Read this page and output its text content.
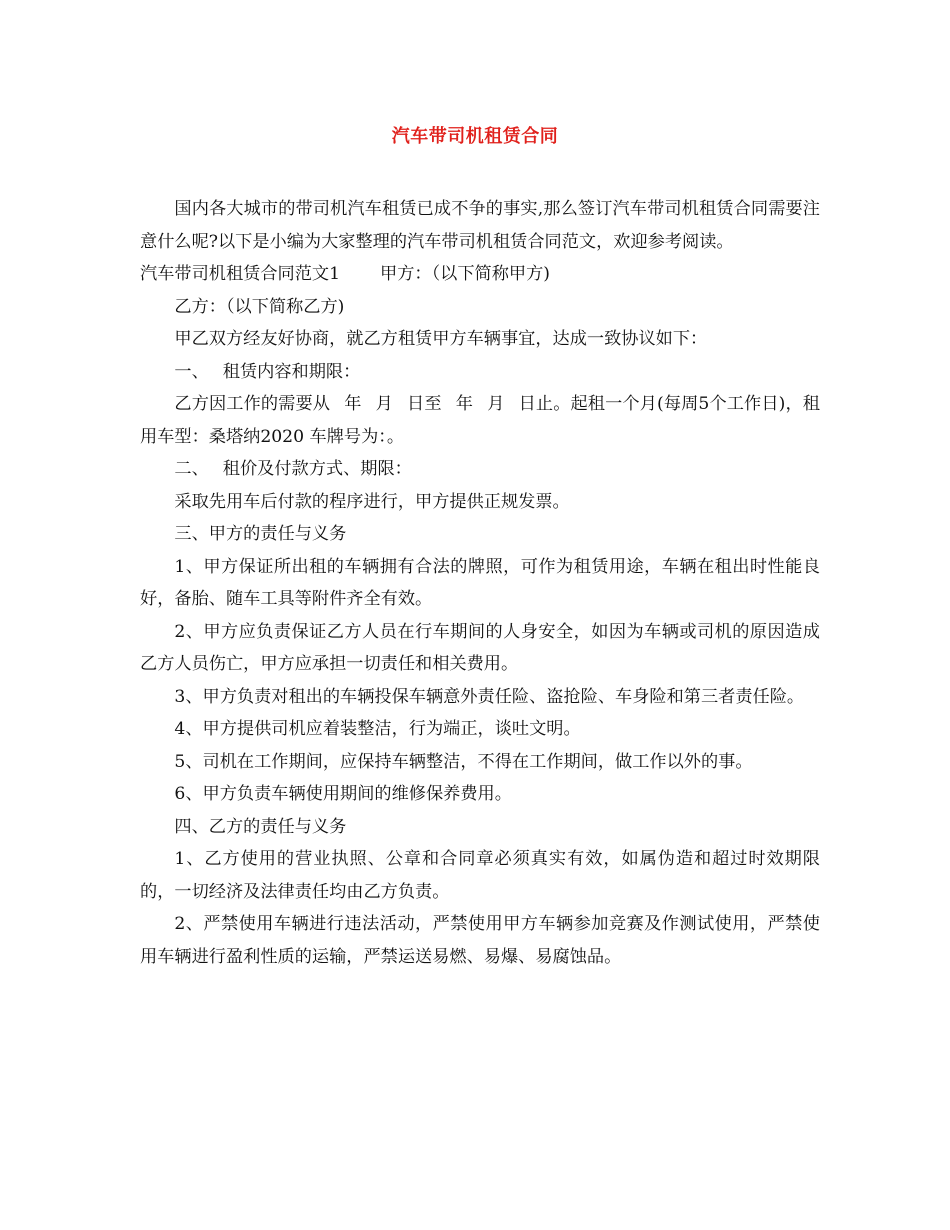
汽车带司机租赁合同

国内各大城市的带司机汽车租赁已成不争的事实,那么签订汽车带司机租赁合同需要注意什么呢?以下是小编为大家整理的汽车带司机租赁合同范文，欢迎参考阅读。

汽车带司机租赁合同范文1 甲方：（以下简称甲方)

乙方：（以下简称乙方)

甲乙双方经友好协商，就乙方租赁甲方车辆事宜，达成一致协议如下：

一、 租赁内容和期限：

乙方因工作的需要从 年 月 日至 年 月 日止。起租一个月(每周5个工作日)，租用车型：桑塔纳2020 车牌号为：。

二、 租价及付款方式、期限：

采取先用车后付款的程序进行，甲方提供正规发票。

三、甲方的责任与义务

1、甲方保证所出租的车辆拥有合法的牌照，可作为租赁用途，车辆在租出时性能良好，备胎、随车工具等附件齐全有效。

2、甲方应负责保证乙方人员在行车期间的人身安全，如因为车辆或司机的原因造成乙方人员伤亡，甲方应承担一切责任和相关费用。

3、甲方负责对租出的车辆投保车辆意外责任险、盗抢险、车身险和第三者责任险。

4、甲方提供司机应着装整洁，行为端正，谈吐文明。

5、司机在工作期间，应保持车辆整洁，不得在工作期间，做工作以外的事。

6、甲方负责车辆使用期间的维修保养费用。

四、乙方的责任与义务

1、乙方使用的营业执照、公章和合同章必须真实有效，如属伪造和超过时效期限的，一切经济及法律责任均由乙方负责。

2、严禁使用车辆进行违法活动，严禁使用甲方车辆参加竞赛及作测试使用，严禁使用车辆进行盈利性质的运输，严禁运送易燃、易爆、易腐蚀品。
